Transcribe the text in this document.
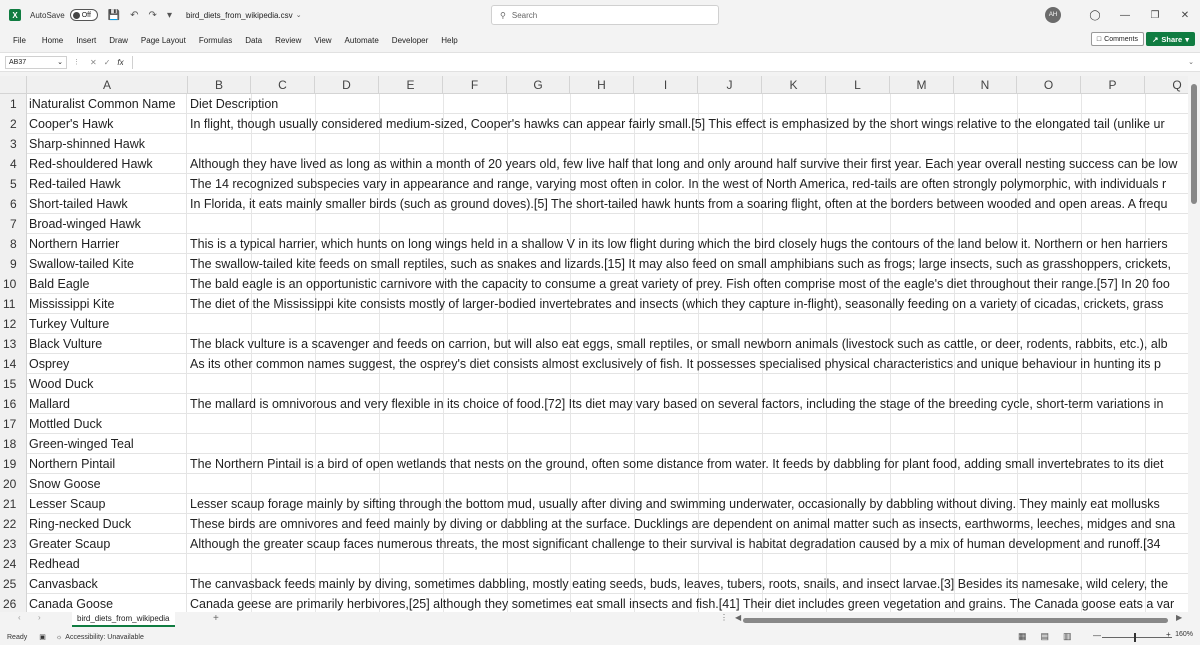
X	AutoSave Off 💾 ↶ ↷ ▾ bird_diets_from_wikipedia.csv ⌄	⚲ Search	AH	◯	—	❐	✕
File Home Insert Draw Page Layout Formulas Data Review View Automate Developer Help	□ Comments ↗ Share ▾
AB37	⌄ ⋮ ✕ ✓ fx	⌄
A	B	C	D	E	F	G	H	I	J	K	L	M	N	O	P	Q
1 iNaturalist Common Name	Diet Description
2 Cooper's Hawk	In flight, though usually considered medium-sized, Cooper's hawks can appear fairly small.[5] This effect is emphasized by the short wings relative to the elongated tail (unlike ur
3 Sharp-shinned Hawk
4 Red-shouldered Hawk	Although they have lived as long as within a month of 20 years old, few live half that long and only around half survive their first year. Each year overall nesting success can be low
5 Red-tailed Hawk	The 14 recognized subspecies vary in appearance and range, varying most often in color. In the west of North America, red-tails are often strongly polymorphic, with individuals r
6 Short-tailed Hawk	In Florida, it eats mainly smaller birds (such as ground doves).[5] The short-tailed hawk hunts from a soaring flight, often at the borders between wooded and open areas. A frequ
7 Broad-winged Hawk
8 Northern Harrier	This is a typical harrier, which hunts on long wings held in a shallow V in its low flight during which the bird closely hugs the contours of the land below it. Northern or hen harriers
9 Swallow-tailed Kite	The swallow-tailed kite feeds on small reptiles, such as snakes and lizards.[15] It may also feed on small amphibians such as frogs; large insects, such as grasshoppers, crickets,
10	Bald Eagle	The bald eagle is an opportunistic carnivore with the capacity to consume a great variety of prey. Fish often comprise most of the eagle's diet throughout their range.[57] In 20 foo
11	Mississippi Kite	The diet of the Mississippi kite consists mostly of larger-bodied invertebrates and insects (which they capture in-flight), seasonally feeding on a variety of cicadas, crickets, grass
12	Turkey Vulture
13	Black Vulture	The black vulture is a scavenger and feeds on carrion, but will also eat eggs, small reptiles, or small newborn animals (livestock such as cattle, or deer, rodents, rabbits, etc.), alb
14	Osprey	As its other common names suggest, the osprey's diet consists almost exclusively of fish. It possesses specialised physical characteristics and unique behaviour in hunting its p
15	Wood Duck
16	Mallard	The mallard is omnivorous and very flexible in its choice of food.[72] Its diet may vary based on several factors, including the stage of the breeding cycle, short-term variations in
17	Mottled Duck
18	Green-winged Teal
19	Northern Pintail	The Northern Pintail is a bird of open wetlands that nests on the ground, often some distance from water. It feeds by dabbling for plant food, adding small invertebrates to its diet
20	Snow Goose
21	Lesser Scaup	Lesser scaup forage mainly by sifting through the bottom mud, usually after diving and swimming underwater, occasionally by dabbling without diving. They mainly eat mollusks
22	Ring-necked Duck	These birds are omnivores and feed mainly by diving or dabbling at the surface. Ducklings are dependent on animal matter such as insects, earthworms, leeches, midges and sna
23	Greater Scaup	Although the greater scaup faces numerous threats, the most significant challenge to their survival is habitat degradation caused by a mix of human development and runoff.[34
24	Redhead
25	Canvasback	The canvasback feeds mainly by diving, sometimes dabbling, mostly eating seeds, buds, leaves, tubers, roots, snails, and insect larvae.[3] Besides its namesake, wild celery, the
26	Canada Goose	Canada geese are primarily herbivores,[25] although they sometimes eat small insects and fish.[41] Their diet includes green vegetation and grains. The Canada goose eats a var
‹ ›	bird_diets_from_wikipedia	+	⋮ ◀	▶
Ready ▣ ☼ Accessibility: Unavailable	▦ ▤ ▥	—	+ 160%
